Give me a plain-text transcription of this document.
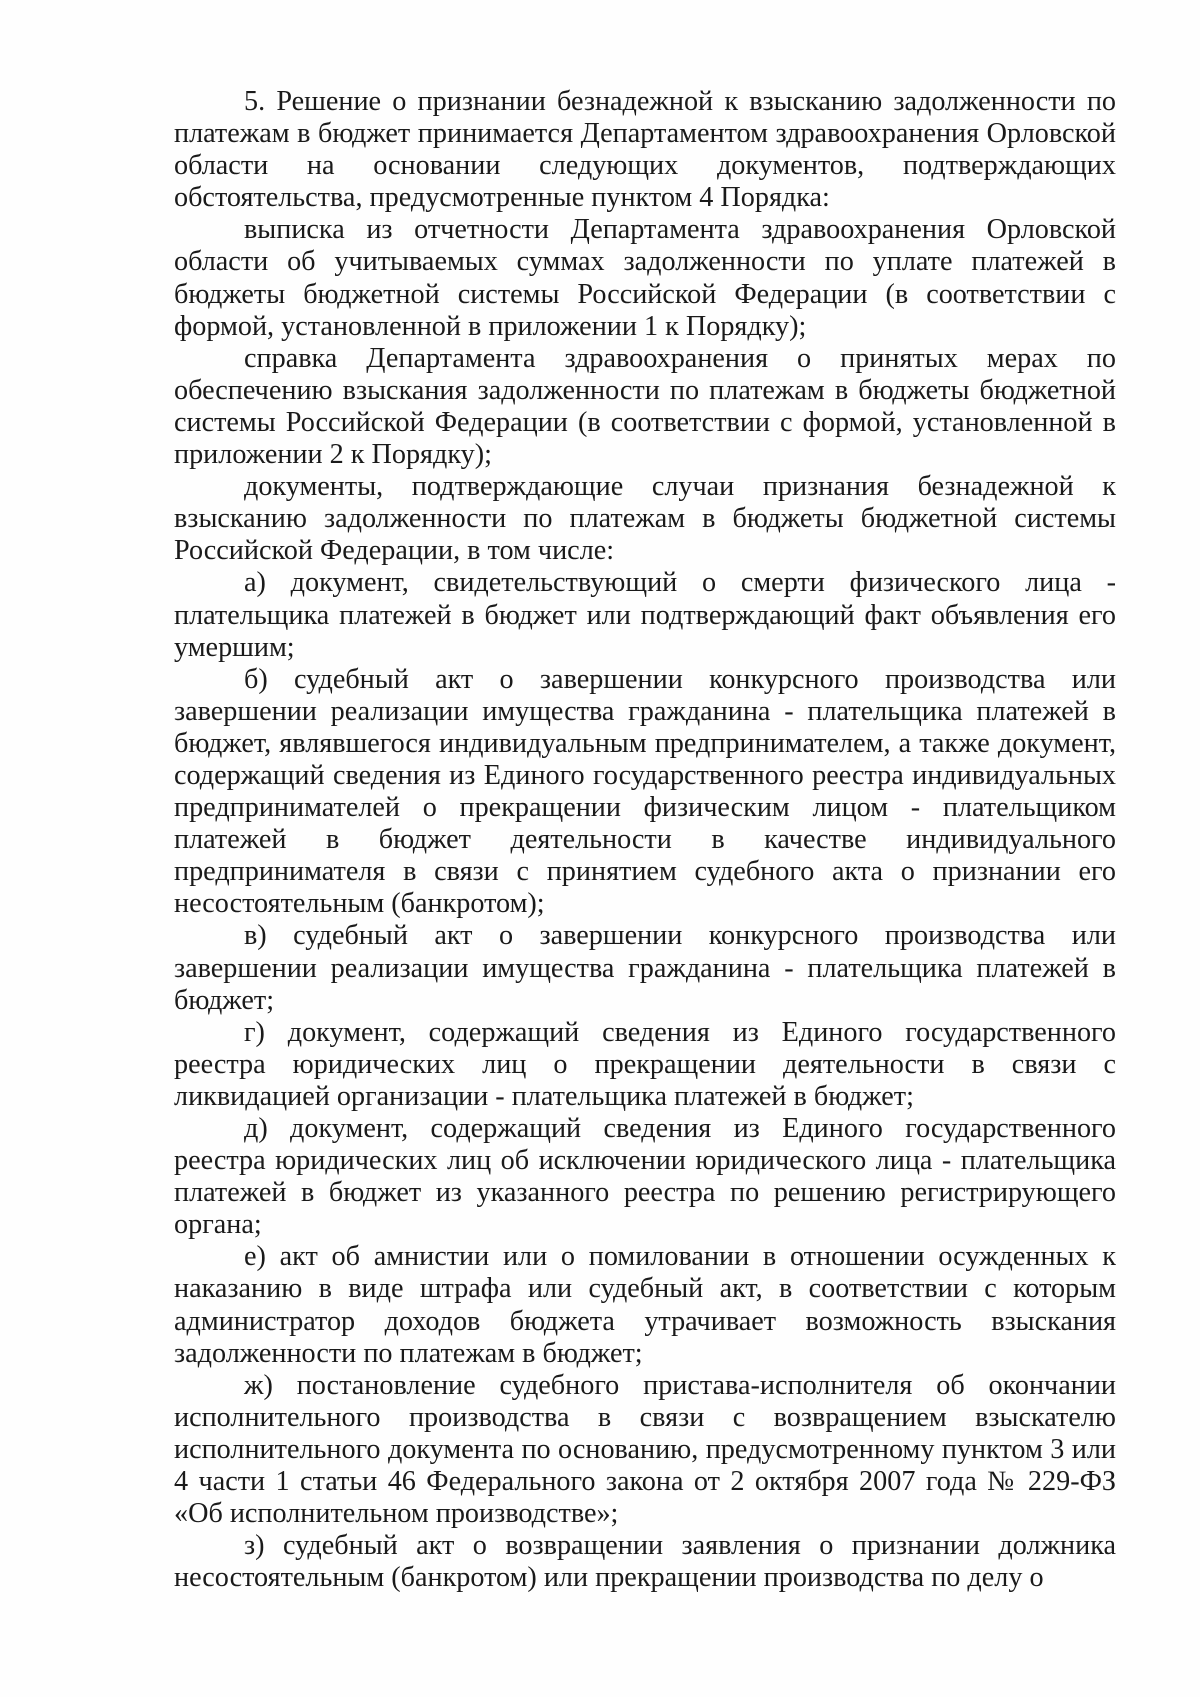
5. Решение о признании безнадежной к взысканию задолженности по платежам в бюджет принимается Департаментом здравоохранения Орловской области на основании следующих документов, подтверждающих обстоятельства, предусмотренные пунктом 4 Порядка:

выписка из отчетности Департамента здравоохранения Орловской области об учитываемых суммах задолженности по уплате платежей в бюджеты бюджетной системы Российской Федерации (в соответствии с формой, установленной в приложении 1 к Порядку);

справка Департамента здравоохранения о принятых мерах по обеспечению взыскания задолженности по платежам в бюджеты бюджетной системы Российской Федерации (в соответствии с формой, установленной в приложении 2 к Порядку);

документы, подтверждающие случаи признания безнадежной к взысканию задолженности по платежам в бюджеты бюджетной системы Российской Федерации, в том числе:

а) документ, свидетельствующий о смерти физического лица - плательщика платежей в бюджет или подтверждающий факт объявления его умершим;

б) судебный акт о завершении конкурсного производства или завершении реализации имущества гражданина - плательщика платежей в бюджет, являвшегося индивидуальным предпринимателем, а также документ, содержащий сведения из Единого государственного реестра индивидуальных предпринимателей о прекращении физическим лицом - плательщиком платежей в бюджет деятельности в качестве индивидуального предпринимателя в связи с принятием судебного акта о признании его несостоятельным (банкротом);

в) судебный акт о завершении конкурсного производства или завершении реализации имущества гражданина - плательщика платежей в бюджет;

г) документ, содержащий сведения из Единого государственного реестра юридических лиц о прекращении деятельности в связи с ликвидацией организации - плательщика платежей в бюджет;

д) документ, содержащий сведения из Единого государственного реестра юридических лиц об исключении юридического лица - плательщика платежей в бюджет из указанного реестра по решению регистрирующего органа;

е) акт об амнистии или о помиловании в отношении осужденных к наказанию в виде штрафа или судебный акт, в соответствии с которым администратор доходов бюджета утрачивает возможность взыскания задолженности по платежам в бюджет;

ж) постановление судебного пристава-исполнителя об окончании исполнительного производства в связи с возвращением взыскателю исполнительного документа по основанию, предусмотренному пунктом 3 или 4 части 1 статьи 46 Федерального закона от 2 октября 2007 года № 229-ФЗ «Об исполнительном производстве»;

з) судебный акт о возвращении заявления о признании должника несостоятельным (банкротом) или прекращении производства по делу о
